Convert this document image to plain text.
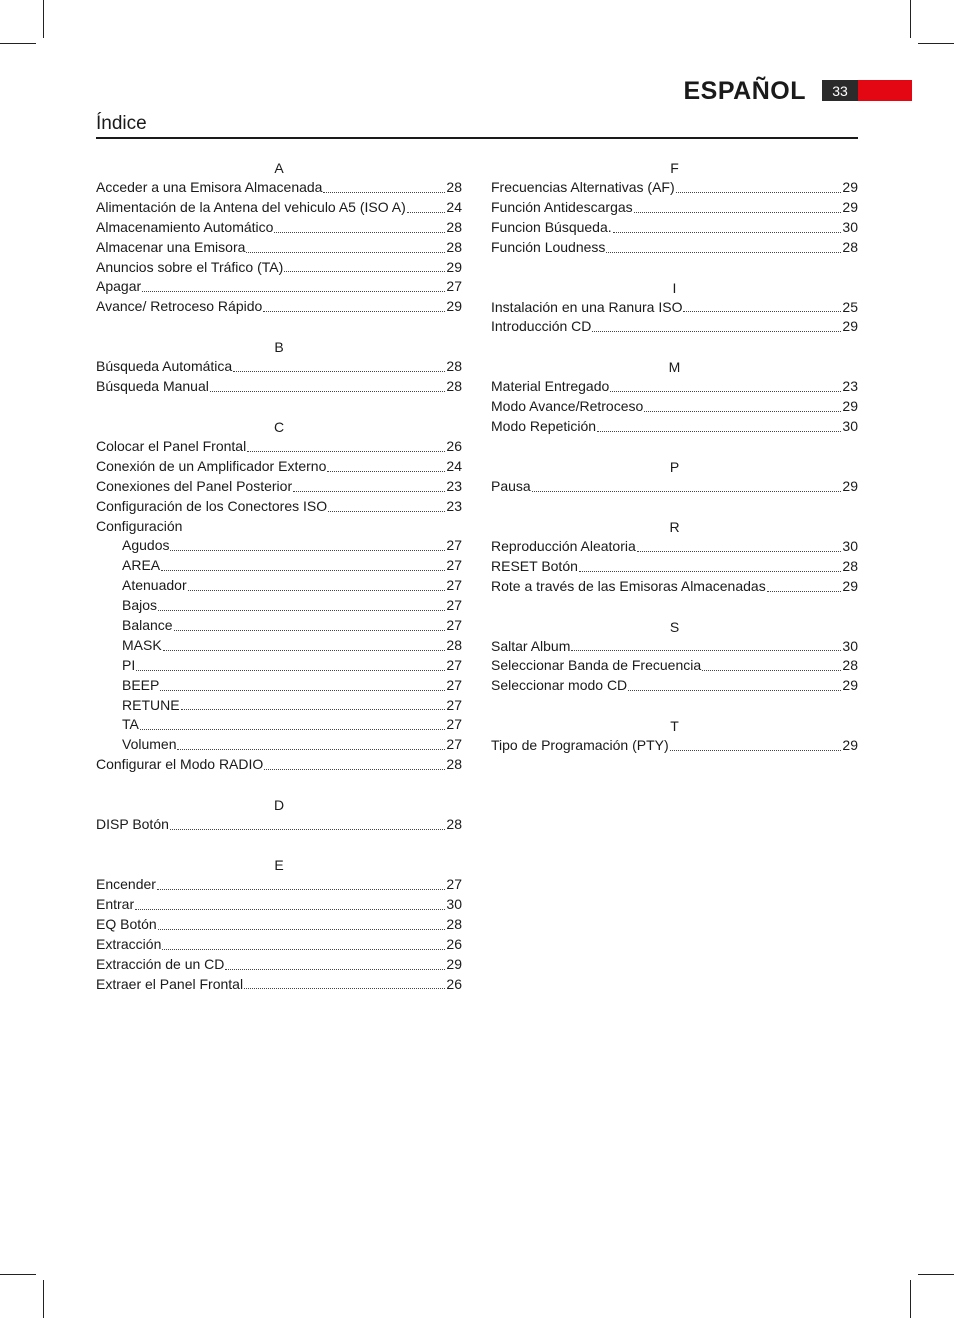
ESPAÑOL	33
Índice
A
Acceder a una Emisora Almacenada	28
Alimentación de la Antena del vehiculo A5 (ISO A)	24
Almacenamiento Automático	28
Almacenar una Emisora	28
Anuncios sobre el Tráfico (TA)	29
Apagar	27
Avance/ Retroceso Rápido	29
B
Búsqueda Automática	28
Búsqueda Manual	28
C
Colocar el Panel Frontal	26
Conexión de un Amplificador Externo	24
Conexiones del Panel Posterior	23
Configuración de los Conectores ISO	23
Configuración
Agudos	27
AREA	27
Atenuador	27
Bajos	27
Balance	27
MASK	28
PI	27
BEEP	27
RETUNE	27
TA	27
Volumen	27
Configurar el Modo RADIO	28
D
DISP Botón	28
E
Encender	27
Entrar	30
EQ Botón	28
Extracción	26
Extracción de un CD	29
Extraer el Panel Frontal	26
F
Frecuencias Alternativas (AF)	29
Función Antidescargas	29
Funcion Búsqueda.	30
Función Loudness	28
I
Instalación en una Ranura ISO	25
Introducción CD	29
M
Material Entregado	23
Modo Avance/Retroceso	29
Modo Repetición	30
P
Pausa	29
R
Reproducción Aleatoria	30
RESET Botón	28
Rote a través de las Emisoras Almacenadas	29
S
Saltar Album	30
Seleccionar Banda de Frecuencia	28
Seleccionar modo CD	29
T
Tipo de Programación (PTY)	29
